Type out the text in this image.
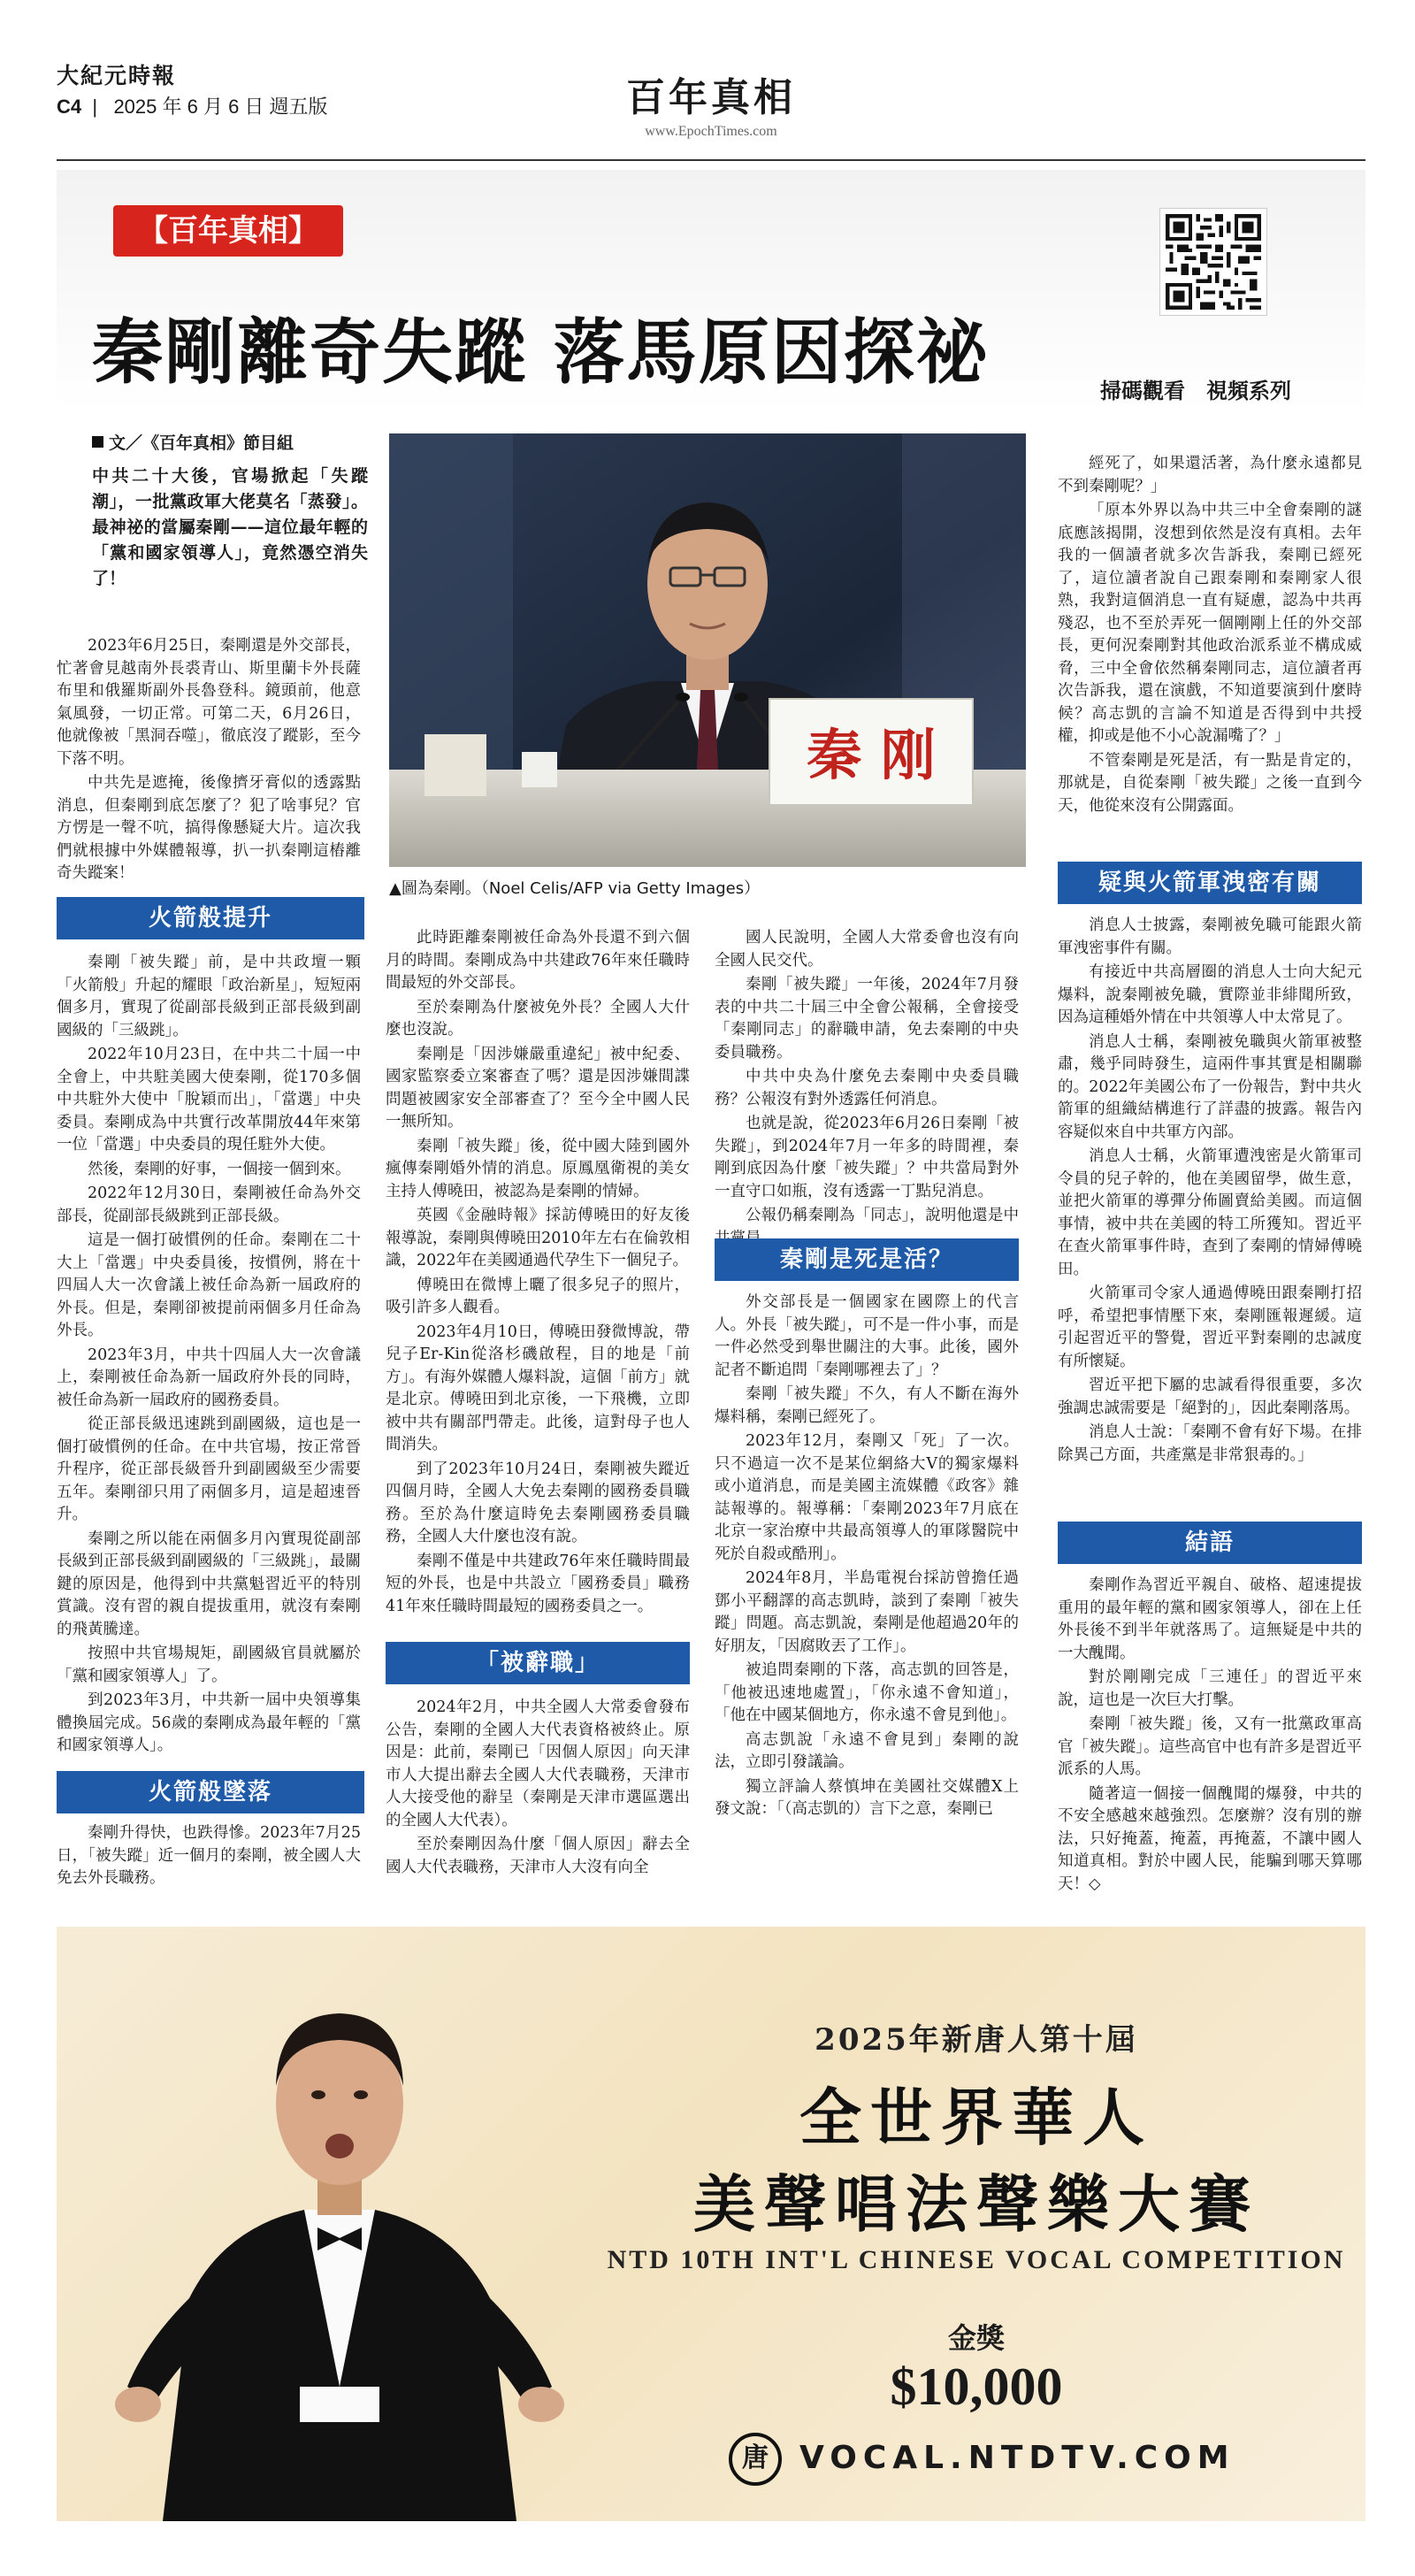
大紀元時報
C4  |   2025 年 6 月 6 日 週五版	百年真相
www.EpochTimes.com
【百年真相】
秦剛離奇失蹤 落馬原因探祕	掃碼觀看　視頻系列
文／《百年真相》節目組
中共二十大後，官場掀起「失蹤潮」，一批黨政軍大佬莫名「蒸發」。最神祕的當屬秦剛——這位最年輕的「黨和國家領導人」，竟然憑空消失了！
秦 刚
▲圖為秦剛。（Noel Celis/AFP via Getty Images）

2023年6月25日，秦剛還是外交部長，忙著會見越南外長裘青山、斯里蘭卡外長薩布里和俄羅斯副外長魯登科。鏡頭前，他意氣風發，一切正常。可第二天，6月26日，他就像被「黑洞吞噬」，徹底沒了蹤影，至今下落不明。

中共先是遮掩，後像擠牙膏似的透露點消息，但秦剛到底怎麼了？犯了啥事兒？官方愣是一聲不吭，搞得像懸疑大片。這次我們就根據中外媒體報導，扒一扒秦剛這樁離奇失蹤案！

火箭般提升

秦剛「被失蹤」前，是中共政壇一顆「火箭般」升起的耀眼「政治新星」，短短兩個多月，實現了從副部長級到正部長級到副國級的「三級跳」。

2022年10月23日，在中共二十屆一中全會上，中共駐美國大使秦剛，從170多個中共駐外大使中「脫穎而出」，「當選」中央委員。秦剛成為中共實行改革開放44年來第一位「當選」中央委員的現任駐外大使。

然後，秦剛的好事，一個接一個到來。

2022年12月30日，秦剛被任命為外交部長，從副部長級跳到正部長級。

這是一個打破慣例的任命。秦剛在二十大上「當選」中央委員後，按慣例，將在十四屆人大一次會議上被任命為新一屆政府的外長。但是，秦剛卻被提前兩個多月任命為外長。

2023年3月，中共十四屆人大一次會議上，秦剛被任命為新一屆政府外長的同時，被任命為新一屆政府的國務委員。

從正部長級迅速跳到副國級，這也是一個打破慣例的任命。在中共官場，按正常晉升程序，從正部長級晉升到副國級至少需要五年。秦剛卻只用了兩個多月，這是超速晉升。

秦剛之所以能在兩個多月內實現從副部長級到正部長級到副國級的「三級跳」，最關鍵的原因是，他得到中共黨魁習近平的特別賞識。沒有習的親自提拔重用，就沒有秦剛的飛黃騰達。

按照中共官場規矩，副國級官員就屬於「黨和國家領導人」了。

到2023年3月，中共新一屆中央領導集體換屆完成。56歲的秦剛成為最年輕的「黨和國家領導人」。

火箭般墜落

秦剛升得快，也跌得慘。2023年7月25日，「被失蹤」近一個月的秦剛，被全國人大免去外長職務。

此時距離秦剛被任命為外長還不到六個月的時間。秦剛成為中共建政76年來任職時間最短的外交部長。

至於秦剛為什麼被免外長？全國人大什麼也沒說。

秦剛是「因涉嫌嚴重違紀」被中紀委、國家監察委立案審查了嗎？還是因涉嫌間諜問題被國家安全部審查了？至今全中國人民一無所知。

秦剛「被失蹤」後，從中國大陸到國外瘋傳秦剛婚外情的消息。原鳳凰衛視的美女主持人傅曉田，被認為是秦剛的情婦。

英國《金融時報》採訪傅曉田的好友後報導說，秦剛與傅曉田2010年左右在倫敦相識，2022年在美國通過代孕生下一個兒子。

傅曉田在微博上曬了很多兒子的照片，吸引許多人觀看。

2023年4月10日，傅曉田發微博說，帶兒子Er-Kin從洛杉磯啟程，目的地是「前方」。有海外媒體人爆料說，這個「前方」就是北京。傅曉田到北京後，一下飛機，立即被中共有關部門帶走。此後，這對母子也人間消失。

到了2023年10月24日，秦剛被失蹤近四個月時，全國人大免去秦剛的國務委員職務。至於為什麼這時免去秦剛國務委員職務，全國人大什麼也沒有說。

秦剛不僅是中共建政76年來任職時間最短的外長，也是中共設立「國務委員」職務41年來任職時間最短的國務委員之一。

「被辭職」

2024年2月，中共全國人大常委會發布公告，秦剛的全國人大代表資格被終止。原因是：此前，秦剛已「因個人原因」向天津市人大提出辭去全國人大代表職務，天津市人大接受他的辭呈（秦剛是天津市選區選出的全國人大代表）。

至於秦剛因為什麼「個人原因」辭去全國人大代表職務，天津市人大沒有向全

國人民說明，全國人大常委會也沒有向全國人民交代。

秦剛「被失蹤」一年後，2024年7月發表的中共二十屆三中全會公報稱，全會接受「秦剛同志」的辭職申請，免去秦剛的中央委員職務。

中共中央為什麼免去秦剛中央委員職務？公報沒有對外透露任何消息。

也就是說，從2023年6月26日秦剛「被失蹤」，到2024年7月一年多的時間裡，秦剛到底因為什麼「被失蹤」？中共當局對外一直守口如瓶，沒有透露一丁點兒消息。

公報仍稱秦剛為「同志」，說明他還是中

秦剛是死是活？

外交部長是一個國家在國際上的代言人。外長「被失蹤」，可不是一件小事，而是一件必然受到舉世關注的大事。此後，國外記者不斷追問「秦剛哪裡去了」？

秦剛「被失蹤」不久，有人不斷在海外爆料稱，秦剛已經死了。

2023年12月，秦剛又「死」了一次。只不過這一次不是某位網絡大V的獨家爆料或小道消息，而是美國主流媒體《政客》雜誌報導的。報導稱：「秦剛2023年7月底在北京一家治療中共最高領導人的軍隊醫院中死於自殺或酷刑」。

2024年8月，半島電視台採訪曾擔任過鄧小平翻譯的高志凱時，談到了秦剛「被失蹤」問題。高志凱說，秦剛是他超過20年的好朋友，「因腐敗丟了工作」。

被追問秦剛的下落，高志凱的回答是，「他被迅速地處置」，「你永遠不會知道」，「他在中國某個地方，你永遠不會見到他」。

高志凱說「永遠不會見到」秦剛的說法，立即引發議論。

獨立評論人蔡慎坤在美國社交媒體X上發文說：「（高志凱的）言下之意，秦剛已

經死了，如果還活著，為什麼永遠都見不到秦剛呢？」

「原本外界以為中共三中全會秦剛的謎底應該揭開，沒想到依然是沒有真相。去年我的一個讀者就多次告訴我，秦剛已經死了，這位讀者說自己跟秦剛和秦剛家人很熟，我對這個消息一直有疑慮，認為中共再殘忍，也不至於弄死一個剛剛上任的外交部長，更何況秦剛對其他政治派系並不構成威脅，三中全會依然稱秦剛同志，這位讀者再次告訴我，還在演戲，不知道要演到什麼時候？高志凱的言論不知道是否得到中共授權，抑或是他不小心說漏嘴了？」

不管秦剛是死是活，有一點是肯定的，那就是，自從秦剛「被失蹤」之後一直到今天，他從來沒有公開露面。

疑與火箭軍洩密有關

消息人士披露，秦剛被免職可能跟火箭軍洩密事件有關。

有接近中共高層圈的消息人士向大紀元爆料，說秦剛被免職，實際並非緋聞所致，因為這種婚外情在中共領導人中太常見了。

消息人士稱，秦剛被免職與火箭軍被整肅，幾乎同時發生，這兩件事其實是相關聯的。2022年美國公布了一份報告，對中共火箭軍的組織結構進行了詳盡的披露。報告內容疑似來自中共軍方內部。

消息人士稱，火箭軍遭洩密是火箭軍司令員的兒子幹的，他在美國留學，做生意，並把火箭軍的導彈分佈圖賣給美國。而這個事情，被中共在美國的特工所獲知。習近平在查火箭軍事件時，查到了秦剛的情婦傅曉田。

火箭軍司令家人通過傅曉田跟秦剛打招呼，希望把事情壓下來，秦剛匯報遲緩。這引起習近平的警覺，習近平對秦剛的忠誠度有所懷疑。

習近平把下屬的忠誠看得很重要，多次強調忠誠需要是「絕對的」，因此秦剛落馬。

消息人士說：「秦剛不會有好下場。在排除異己方面，共產黨是非常狠毒的。」

結語

秦剛作為習近平親自、破格、超速提拔重用的最年輕的黨和國家領導人，卻在上任外長後不到半年就落馬了。這無疑是中共的一大醜聞。

對於剛剛完成「三連任」的習近平來說，這也是一次巨大打擊。

秦剛「被失蹤」後，又有一批黨政軍高官「被失蹤」。這些高官中也有許多是習近平派系的人馬。

隨著這一個接一個醜聞的爆發，中共的不安全感越來越強烈。怎麼辦？沒有別的辦法，只好掩蓋，掩蓋，再掩蓋，不讓中國人知道真相。對於中國人民，能騙到哪天算哪天！◇

2025年新唐人第十屆
全世界華人
美聲唱法聲樂大賽
NTD 10TH INT'L CHINESE VOCAL COMPETITION
金獎
$10,000
唐 VOCAL.NTDTV.COM
